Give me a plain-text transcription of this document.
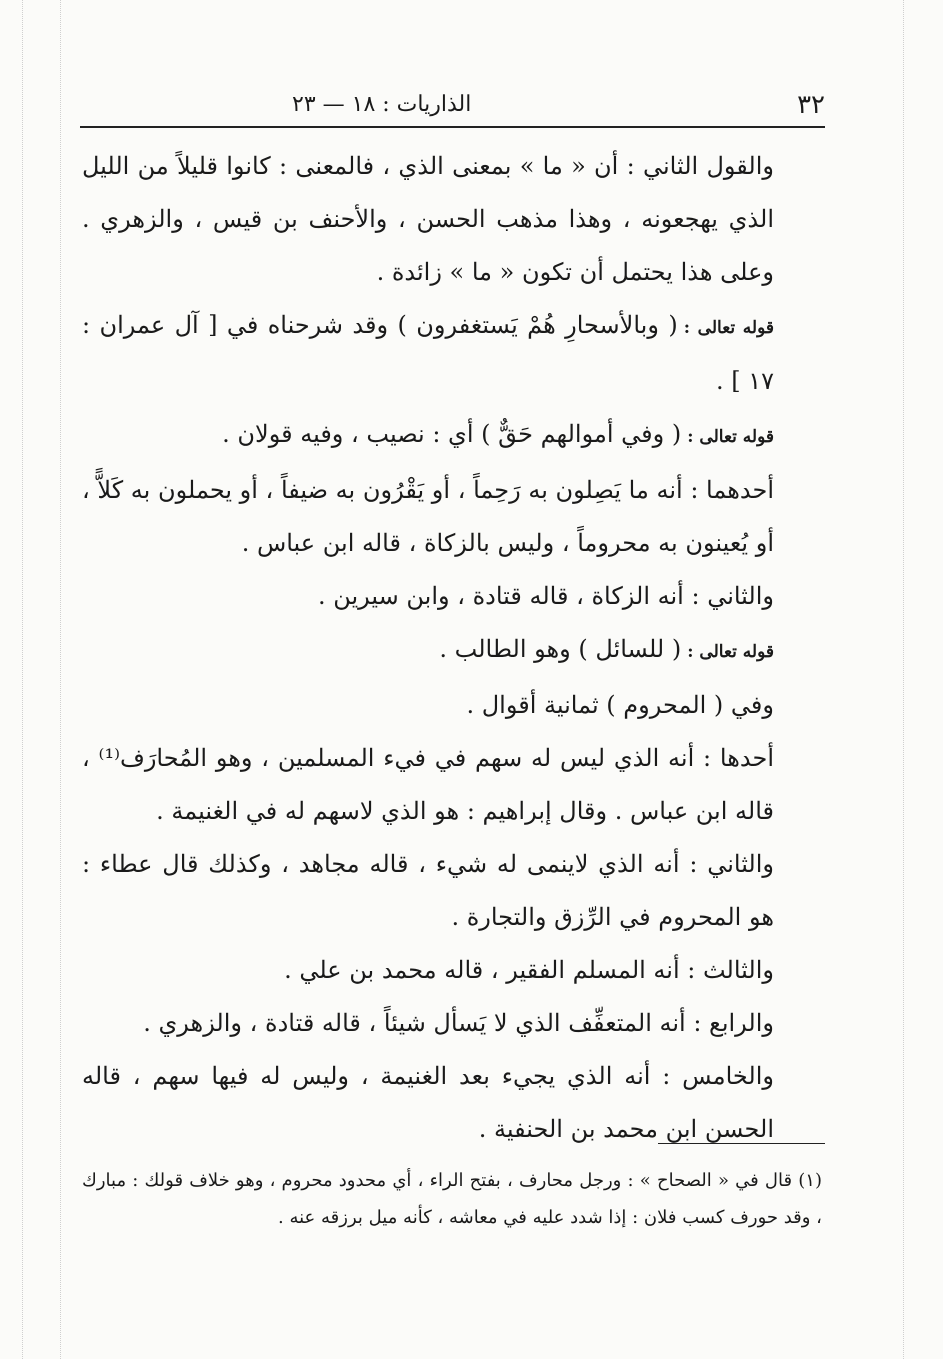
٣٢
الذاريات : ١٨ — ٢٣

والقول الثاني : أن « ما » بمعنى الذي ، فالمعنى : كانوا قليلاً من الليل الذي يهجعونه ، وهذا مذهب الحسن ، والأحنف بن قيس ، والزهري . وعلى هذا يحتمل أن تكون « ما » زائدة .

قوله تعالى :( وبالأسحارِ هُمْ يَستغفرون ) وقد شرحناه في [ آل عمران : ١٧ ] .

قوله تعالى :( وفي أموالهم حَقٌّ ) أي : نصيب ، وفيه قولان .

أحدهما : أنه ما يَصِلون به رَحِماً ، أو يَقْرُون به ضيفاً ، أو يحملون به كَلاًّ ، أو يُعينون به محروماً ، وليس بالزكاة ، قاله ابن عباس .

والثاني : أنه الزكاة ، قاله قتادة ، وابن سيرين .

قوله تعالى :( للسائل ) وهو الطالب .

وفي ( المحروم ) ثمانية أقوال .

أحدها : أنه الذي ليس له سهم في فيء المسلمين ، وهو المُحارَف⁽¹⁾ ، قاله ابن عباس . وقال إبراهيم : هو الذي لاسهم له في الغنيمة .

والثاني : أنه الذي لاينمى له شيء ، قاله مجاهد ، وكذلك قال عطاء : هو المحروم في الرِّزق والتجارة .

والثالث : أنه المسلم الفقير ، قاله محمد بن علي .

والرابع : أنه المتعفِّف الذي لا يَسأل شيئاً ، قاله قتادة ، والزهري .

والخامس : أنه الذي يجيء بعد الغنيمة ، وليس له فيها سهم ، قاله الحسن ابن محمد بن الحنفية .

(١) قال في « الصحاح » : ورجل محارف ، بفتح الراء ، أي محدود محروم ، وهو خلاف قولك : مبارك ، وقد حورف كسب فلان : إذا شدد عليه في معاشه ، كأنه ميل برزقه عنه .
